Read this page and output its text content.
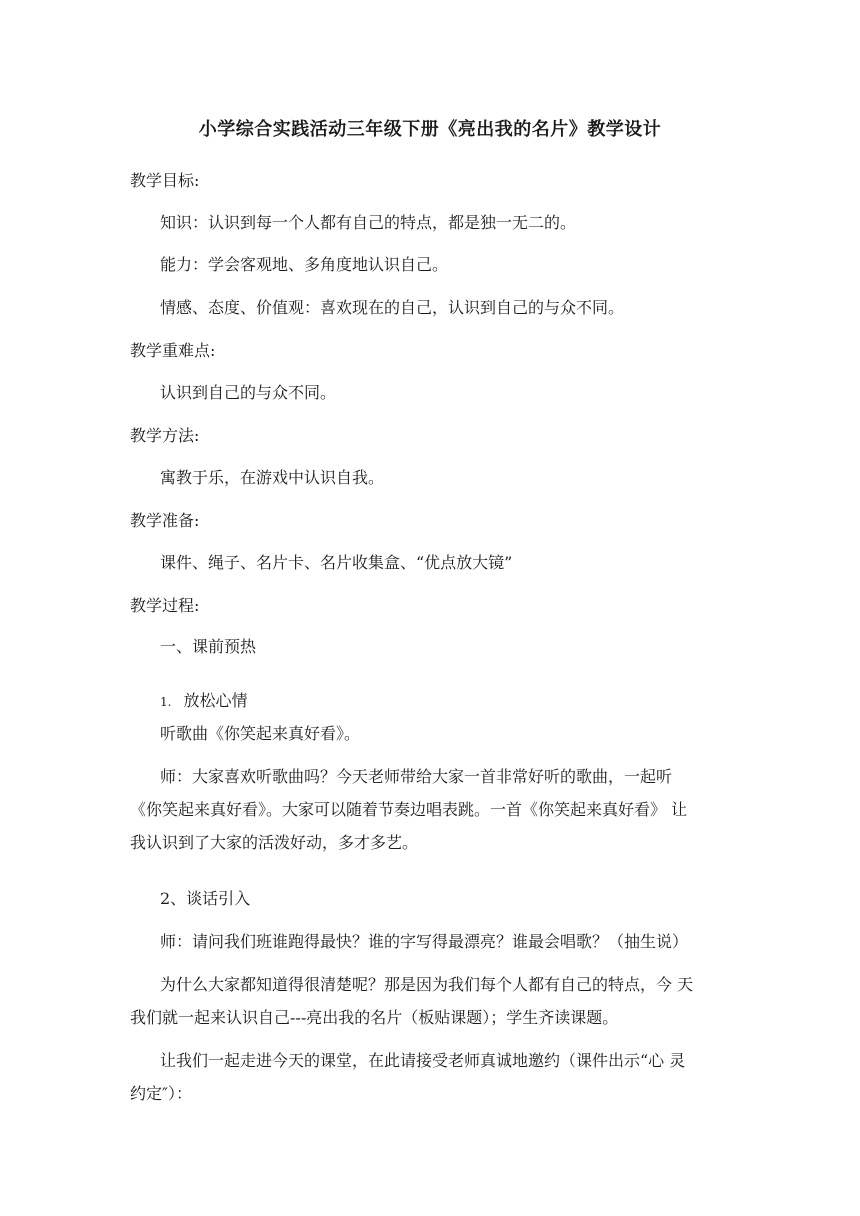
小学综合实践活动三年级下册《亮出我的名片》教学设计
教学目标:
知识：认识到每一个人都有自己的特点，都是独一无二的。
能力：学会客观地、多角度地认识自己。
情感、态度、价值观：喜欢现在的自己，认识到自己的与众不同。
教学重难点:
认识到自己的与众不同。
教学方法:
寓教于乐，在游戏中认识自我。
教学准备:
课件、绳子、名片卡、名片收集盒、“优点放大镜”
教学过程:
一、课前预热
1. 放松心情
听歌曲《你笑起来真好看》。
师：大家喜欢听歌曲吗？今天老师带给大家一首非常好听的歌曲，一起听
《你笑起来真好看》。大家可以随着节奏边唱表跳。一首《你笑起来真好看》 让
我认识到了大家的活泼好动，多才多艺。
2、谈话引入
师：请问我们班谁跑得最快？谁的字写得最漂亮？谁最会唱歌？（抽生说）
为什么大家都知道得很清楚呢？那是因为我们每个人都有自己的特点，今 天
我们就一起来认识自己---亮出我的名片（板贴课题）；学生齐读课题。
让我们一起走进今天的课堂，在此请接受老师真诚地邀约（课件出示“心 灵
约定″）：
